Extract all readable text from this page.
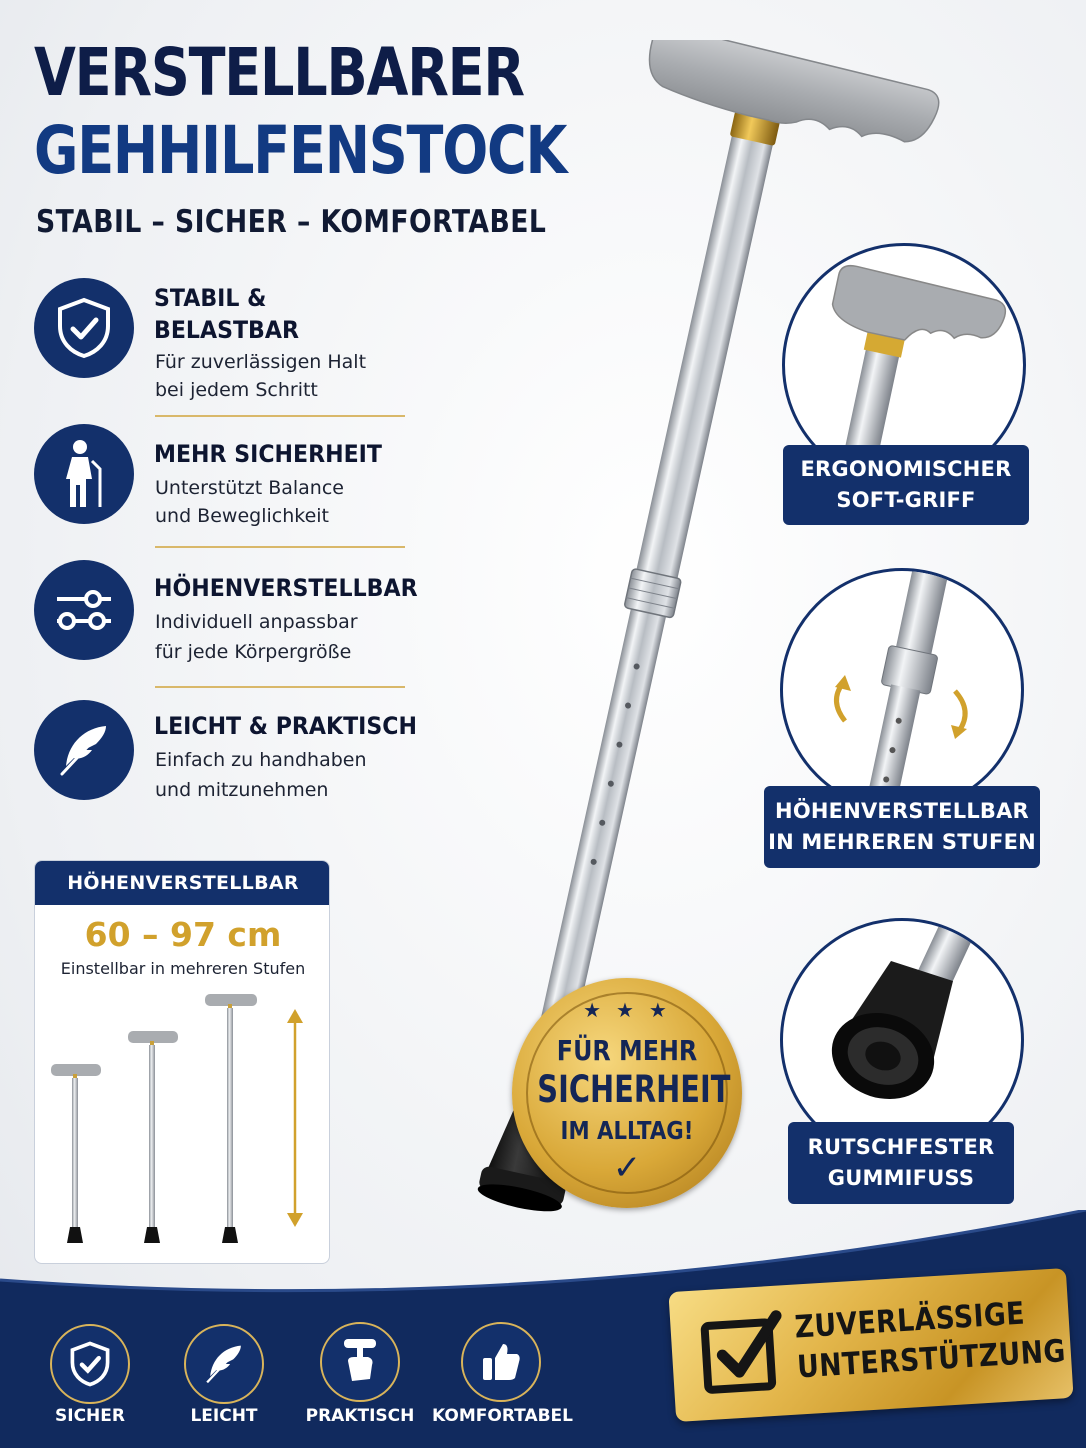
VERSTELLBARER
GEHHILFENSTOCK
STABIL – SICHER – KOMFORTABEL
STABIL &
BELASTBAR
Für zuverlässigen Halt
bei jedem Schritt
MEHR SICHERHEIT
Unterstützt Balance
und Beweglichkeit
HÖHENVERSTELLBAR
Individuell anpassbar
für jede Körpergröße
LEICHT & PRAKTISCH
Einfach zu handhaben
und mitzunehmen
HÖHENVERSTELLBAR
60 – 97 cm
Einstellbar in mehreren Stufen
ERGONOMISCHER
SOFT-GRIFF
HÖHENVERSTELLBAR
IN MEHREREN STUFEN
RUTSCHFESTER
GUMMIFUSS
★ ★ ★
FÜR MEHR
SICHERHEIT
IM ALLTAG!
✓
SICHER	LEICHT	PRAKTISCH	KOMFORTABEL
ZUVERLÄSSIGE
UNTERSTÜTZUNG
